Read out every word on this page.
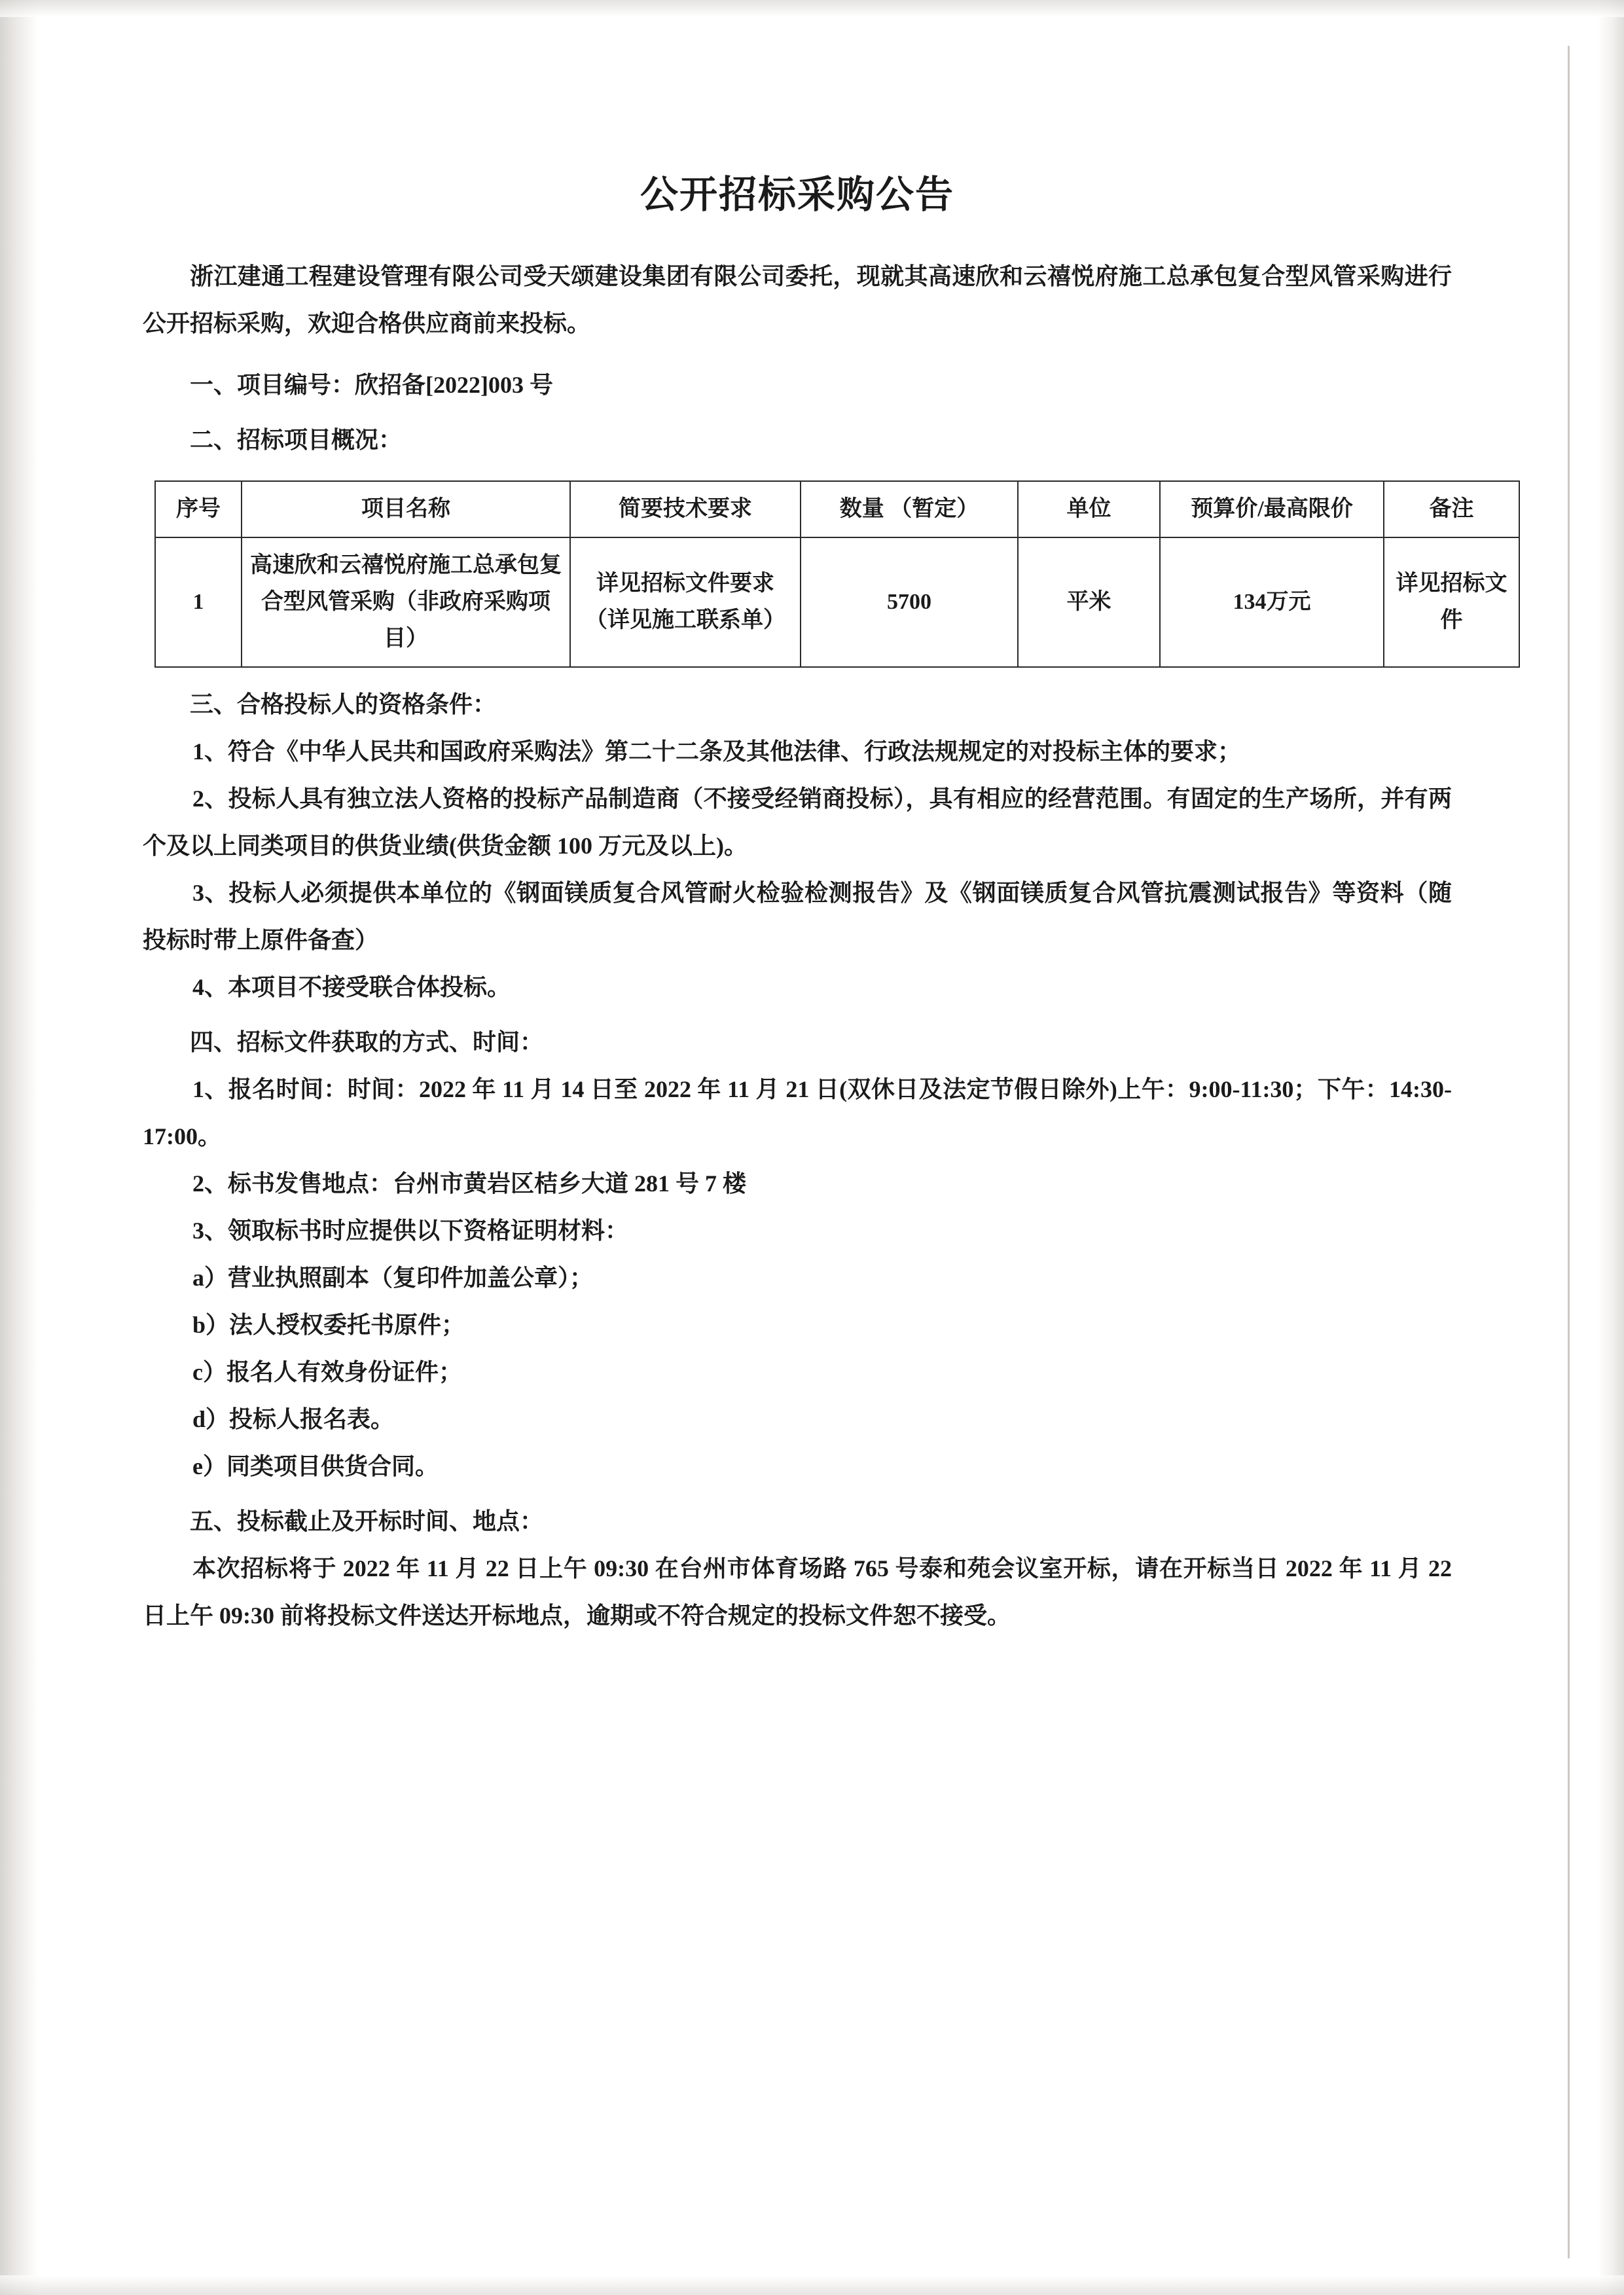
公开招标采购公告

浙江建通工程建设管理有限公司受天颂建设集团有限公司委托，现就其高速欣和云禧悦府施工总承包复合型风管采购进行公开招标采购，欢迎合格供应商前来投标。

一、项目编号：欣招备[2022]003 号

二、招标项目概况：

序号	项目名称	简要技术要求	数量 （暂定）	单位	预算价/最高限价	备注
1	高速欣和云禧悦府施工总承包复合型风管采购（非政府采购项目）	详见招标文件要求（详见施工联系单）	5700	平米	134万元	详见招标文件

三、合格投标人的资格条件：

1、符合《中华人民共和国政府采购法》第二十二条及其他法律、行政法规规定的对投标主体的要求；

2、投标人具有独立法人资格的投标产品制造商（不接受经销商投标），具有相应的经营范围。有固定的生产场所，并有两个及以上同类项目的供货业绩(供货金额 100 万元及以上)。

3、投标人必须提供本单位的《钢面镁质复合风管耐火检验检测报告》及《钢面镁质复合风管抗震测试报告》等资料（随投标时带上原件备查）

4、本项目不接受联合体投标。

四、招标文件获取的方式、时间：

1、报名时间：时间：2022 年 11 月 14 日至 2022 年 11 月 21 日(双休日及法定节假日除外)上午：9:00-11:30；下午：14:30-17:00。

2、标书发售地点：台州市黄岩区桔乡大道 281 号 7 楼

3、领取标书时应提供以下资格证明材料：

a）营业执照副本（复印件加盖公章）；

b）法人授权委托书原件；

c）报名人有效身份证件；

d）投标人报名表。

e）同类项目供货合同。

五、投标截止及开标时间、地点：

本次招标将于 2022 年 11 月 22 日上午 09:30 在台州市体育场路 765 号泰和苑会议室开标，请在开标当日 2022 年 11 月 22 日上午 09:30 前将投标文件送达开标地点，逾期或不符合规定的投标文件恕不接受。
